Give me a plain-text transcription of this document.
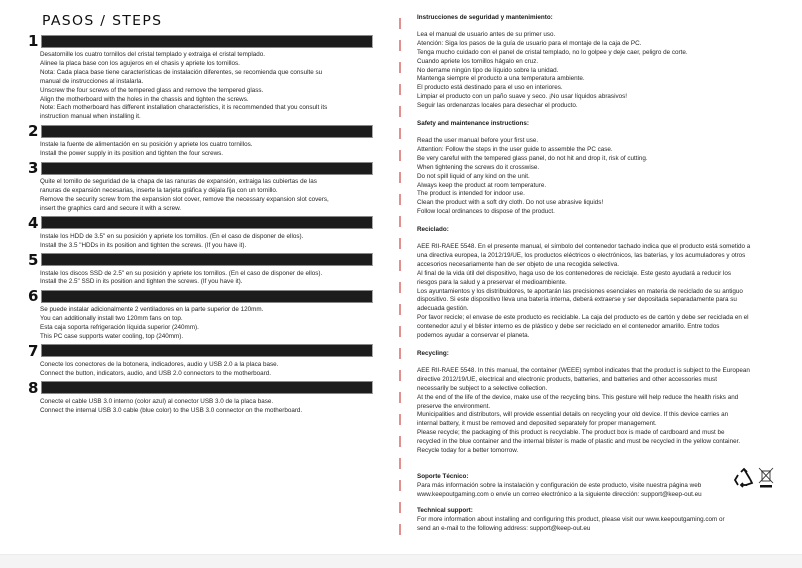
PASOS / STEPS
1
Desatornille los cuatro tornillos del cristal templado y extraiga el cristal templado.
Alinee la placa base con los agujeros en el chasis y apriete los tornillos.
Nota: Cada placa base tiene características de instalación diferentes, se recomienda que consulte su
manual de instrucciones al instalarla.
Unscrew the four screws of the tempered glass and remove the tempered glass.
Align the motherboard with the holes in the chassis and tighten the screws.
Note: Each motherboard has different installation characteristics, it is recommended that you consult its
instruction manual when installing it.
2
Instale la fuente de alimentación en su posición y apriete los cuatro tornillos.
Install the power supply in its position and tighten the four screws.
3
Quite el tornillo de seguridad de la chapa de las ranuras de expansión, extraiga las cubiertas de las
ranuras de expansión necesarias, inserte la tarjeta gráfica y déjala fija con un tornillo.
Remove the security screw from the expansion slot cover, remove the necessary expansion slot covers,
insert the graphics card and secure it with a screw.
4
Instale los HDD de 3.5" en su posición y apriete los tornillos. (En el caso de disponer de ellos).
Install the 3.5 "HDDs in its position and tighten the screws. (If you have it).
5
Instale los discos SSD de 2.5" en su posición y apriete los tornillos. (En el caso de disponer de ellos).
Install the 2.5" SSD in its position and tighten the screws. (If you have it).
6
Se puede instalar adicionalmente 2 ventiladores en la parte superior de 120mm.
You can additionally install two 120mm fans on top.
Esta caja soporta refrigeración líquida superior (240mm).
This PC case supports water cooling, top (240mm).
7
Conecte los conectores de la botonera, indicadores, audio y USB 2.0 a la placa base.
Connect the button, indicators, audio, and USB 2.0 connectors to the motherboard.
8
Conecte el cable USB 3.0 interno (color azul) al conector USB 3.0 de la placa base.
Connect the internal USB 3.0 cable (blue color) to the USB 3.0 connector on the motherboard.
Instrucciones de seguridad y mantenimiento:
Lea el manual de usuario antes de su primer uso.
Atención: Siga los pasos de la guía de usuario para el montaje de la caja de PC.
Tenga mucho cuidado con el panel de cristal templado, no lo golpee y deje caer, peligro de corte.
Cuando apriete los tornillos hágalo en cruz.
No derrame ningún tipo de líquido sobre la unidad.
Mantenga siempre el producto a una temperatura ambiente.
El producto está destinado para el uso en interiores.
Limpiar el producto con un paño suave y seco. ¡No usar líquidos abrasivos!
Seguir las ordenanzas locales para desechar el producto.
Safety and maintenance instructions:
Read the user manual before your first use.
Attention: Follow the steps in the user guide to assemble the PC case.
Be very careful with the tempered glass panel, do not hit and drop it, risk of cutting.
When tightening the screws do it crosswise.
Do not spill liquid of any kind on the unit.
Always keep the product at room temperature.
The product is intended for indoor use.
Clean the product with a soft dry cloth. Do not use abrasive liquids!
Follow local ordinances to dispose of the product.
Reciclado:
AEE RII-RAEE 5548. En el presente manual, el símbolo del contenedor tachado indica que el producto está sometido a
una directiva europea, la 2012/19/UE, los productos eléctricos o electrónicos, las baterías, y los acumuladores y otros
accesorios necesariamente han de ser objeto de una recogida selectiva.
Al final de la vida útil del dispositivo, haga uso de los contenedores de reciclaje. Este gesto ayudará a reducir los
riesgos para la salud y a preservar el medioambiente.
Los ayuntamientos y los distribuidores, te aportarán las precisiones esenciales en materia de reciclado de su antiguo
dispositivo. Si este dispositivo lleva una batería interna, deberá extraerse y ser depositada separadamente para su
adecuada gestión.
Por favor recicle; el envase de este producto es reciclable. La caja del producto es de cartón y debe ser reciclada en el
contenedor azul y el blister interno es de plástico y debe ser reciclado en el contenedor amarillo. Entre todos
podemos ayudar a conservar el planeta.
Recycling:
AEE RII-RAEE 5548. In this manual, the container (WEEE) symbol indicates that the product is subject to the European
directive 2012/19/UE, electrical and electronic products, batteries, and batteries and other accessories must
necessarily be subject to a selective collection.
At the end of the life of the device, make use of the recycling bins. This gesture will help reduce the health risks and
preserve the environment.
Municipalities and distributors, will provide essential details on recycling your old device. If this device carries an
internal battery, it must be removed and deposited separately for proper management.
Please recycle; the packaging of this product is recyclable. The product box is made of cardboard and must be
recycled in the blue container and the internal blister is made of plastic and must be recycled in the yellow container.
Recycle today for a better tomorrow.
Soporte Técnico:
Para más información sobre la instalación y configuración de este producto, visite nuestra página web
www.keepoutgaming.com o envíe un correo electrónico a la siguiente dirección: support@keep-out.eu
Technical support:
For more information about installing and configuring this product, please visit our www.keepoutgaming.com or
send an e-mail to the following address: support@keep-out.eu
